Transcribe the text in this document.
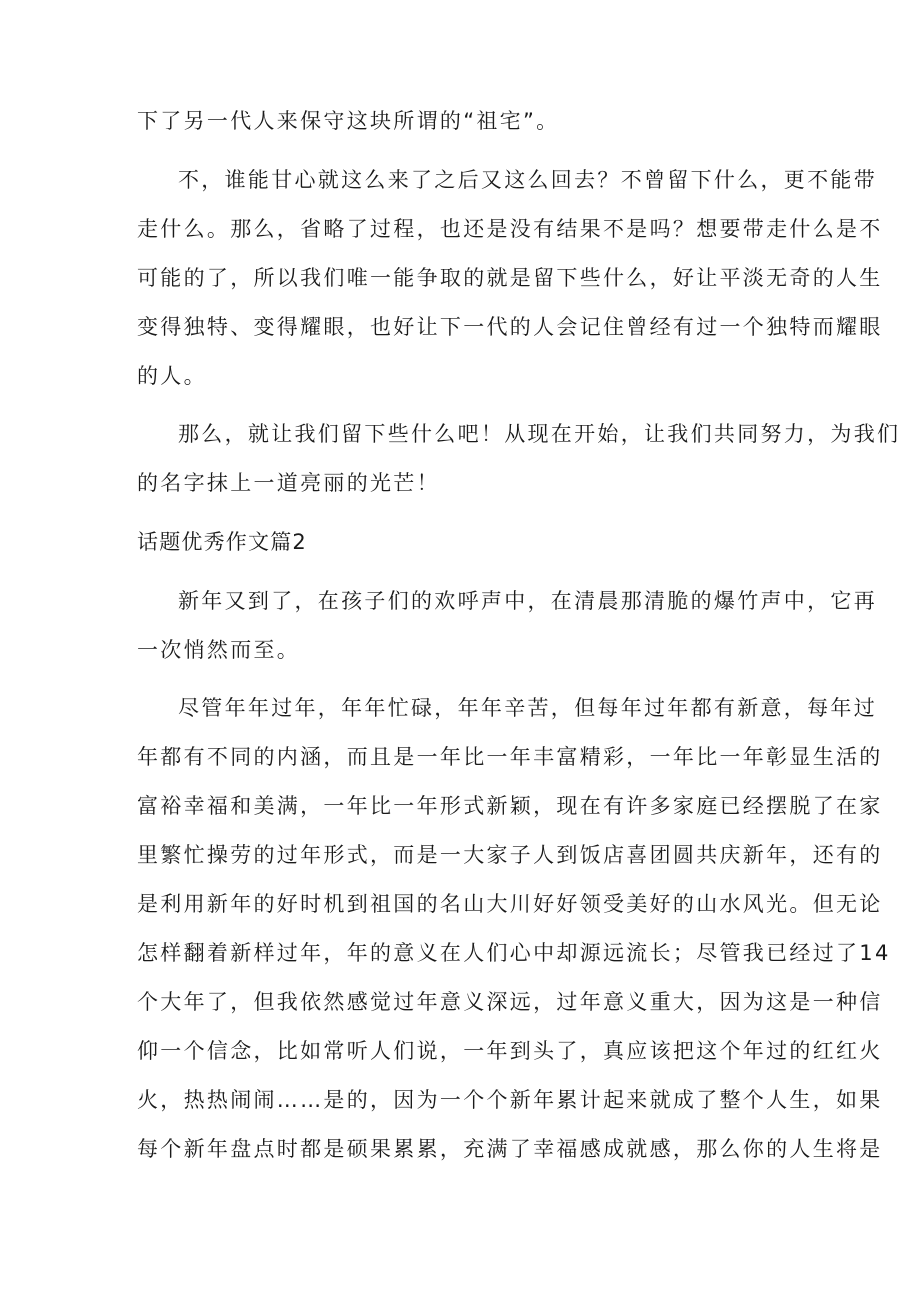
下了另一代人来保守这块所谓的“祖宅”。
不，谁能甘心就这么来了之后又这么回去？不曾留下什么，更不能带
走什么。那么，省略了过程，也还是没有结果不是吗？想要带走什么是不
可能的了，所以我们唯一能争取的就是留下些什么，好让平淡无奇的人生
变得独特、变得耀眼，也好让下一代的人会记住曾经有过一个独特而耀眼
的人。
那么，就让我们留下些什么吧！从现在开始，让我们共同努力，为我们
的名字抹上一道亮丽的光芒！
话题优秀作文篇2
新年又到了，在孩子们的欢呼声中，在清晨那清脆的爆竹声中，它再
一次悄然而至。
尽管年年过年，年年忙碌，年年辛苦，但每年过年都有新意，每年过
年都有不同的内涵，而且是一年比一年丰富精彩，一年比一年彰显生活的
富裕幸福和美满，一年比一年形式新颖，现在有许多家庭已经摆脱了在家
里繁忙操劳的过年形式，而是一大家子人到饭店喜团圆共庆新年，还有的
是利用新年的好时机到祖国的名山大川好好领受美好的山水风光。但无论
怎样翻着新样过年，年的意义在人们心中却源远流长；尽管我已经过了14
个大年了，但我依然感觉过年意义深远，过年意义重大，因为这是一种信
仰一个信念，比如常听人们说，一年到头了，真应该把这个年过的红红火
火，热热闹闹……是的，因为一个个新年累计起来就成了整个人生，如果
每个新年盘点时都是硕果累累，充满了幸福感成就感，那么你的人生将是
